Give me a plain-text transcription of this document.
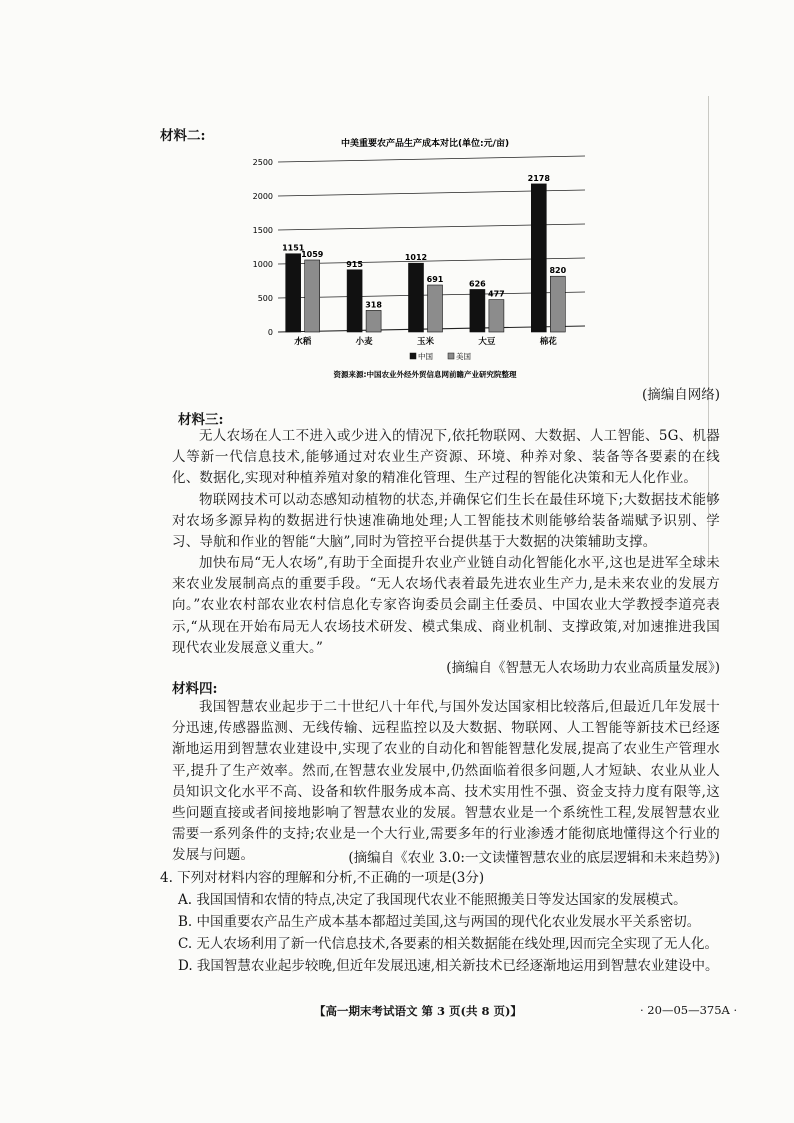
材料二:	中美重要农产品生产成本对比(单位:元/亩)
0
500
1000
1500
2000
2500
1151
1059
水稻
915
318
小麦
1012
691
玉米
626
477
大豆
2178
820
棉花
中国	美国
资源来源:中国农业外经外贸信息网前瞻产业研究院整理
(摘编自网络)
材料三:
无人农场在人工不进入或少进入的情况下,依托物联网、大数据、人工智能、5G、机器人等新一代信息技术,能够通过对农业生产资源、环境、种养对象、装备等各要素的在线化、数据化,实现对种植养殖对象的精准化管理、生产过程的智能化决策和无人化作业。
物联网技术可以动态感知动植物的状态,并确保它们生长在最佳环境下;大数据技术能够对农场多源异构的数据进行快速准确地处理;人工智能技术则能够给装备端赋予识别、学习、导航和作业的智能“大脑”,同时为管控平台提供基于大数据的决策辅助支撑。
加快布局“无人农场”,有助于全面提升农业产业链自动化智能化水平,这也是进军全球未来农业发展制高点的重要手段。“无人农场代表着最先进农业生产力,是未来农业的发展方向。”农业农村部农业农村信息化专家咨询委员会副主任委员、中国农业大学教授李道亮表示,“从现在开始布局无人农场技术研发、模式集成、商业机制、支撑政策,对加速推进我国现代农业发展意义重大。”
(摘编自《智慧无人农场助力农业高质量发展》)
材料四:
我国智慧农业起步于二十世纪八十年代,与国外发达国家相比较落后,但最近几年发展十分迅速,传感器监测、无线传输、远程监控以及大数据、物联网、人工智能等新技术已经逐渐地运用到智慧农业建设中,实现了农业的自动化和智能智慧化发展,提高了农业生产管理水平,提升了生产效率。然而,在智慧农业发展中,仍然面临着很多问题,人才短缺、农业从业人员知识文化水平不高、设备和软件服务成本高、技术实用性不强、资金支持力度有限等,这些问题直接或者间接地影响了智慧农业的发展。智慧农业是一个系统性工程,发展智慧农业需要一系列条件的支持;农业是一个大行业,需要多年的行业渗透才能彻底地懂得这个行业的发展与问题。	(摘编自《农业 3.0:一文读懂智慧农业的底层逻辑和未来趋势》)
4. 下列对材料内容的理解和分析,不正确的一项是(3分)
A. 我国国情和农情的特点,决定了我国现代农业不能照搬美日等发达国家的发展模式。
B. 中国重要农产品生产成本基本都超过美国,这与两国的现代化农业发展水平关系密切。
C. 无人农场利用了新一代信息技术,各要素的相关数据能在线处理,因而完全实现了无人化。
D. 我国智慧农业起步较晚,但近年发展迅速,相关新技术已经逐渐地运用到智慧农业建设中。
【高一期末考试语文 第 3 页(共 8 页)】	· 20—05—375A ·
